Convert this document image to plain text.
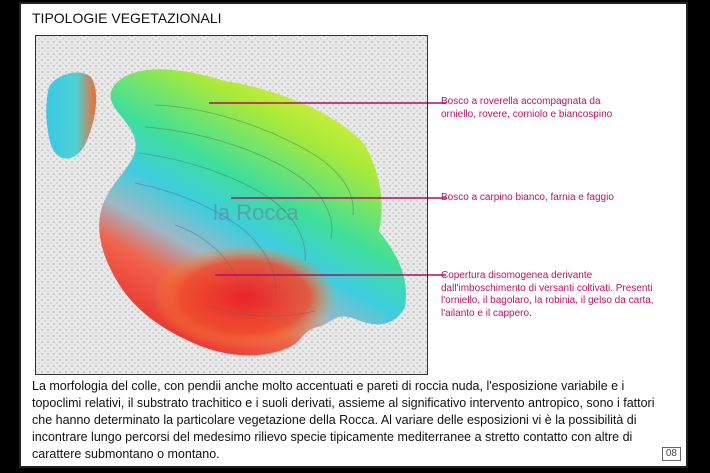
TIPOLOGIE VEGETAZIONALI
la Rocca
Bosco a roverella accompagnata da orniello, rovere, corniolo e biancospino
Bosco a carpino bianco, farnia e faggio
Copertura disomogenea derivante dall'imboschimento di versanti coltivati. Presenti l'orniello, il bagolaro, la robinia, il gelso da carta, l'ailanto e il cappero.
La morfologia del colle, con pendii anche molto accentuati e pareti di roccia nuda, l'esposizione variabile e i topoclimi relativi, il substrato trachitico e i suoli derivati, assieme al significativo intervento antropico, sono i fattori che hanno determinato la particolare vegetazione della Rocca. Al variare delle esposizioni vi è la possibilità di incontrare lungo percorsi del medesimo rilievo specie tipicamente mediterranee a stretto contatto con altre di carattere submontano o montano.	08
